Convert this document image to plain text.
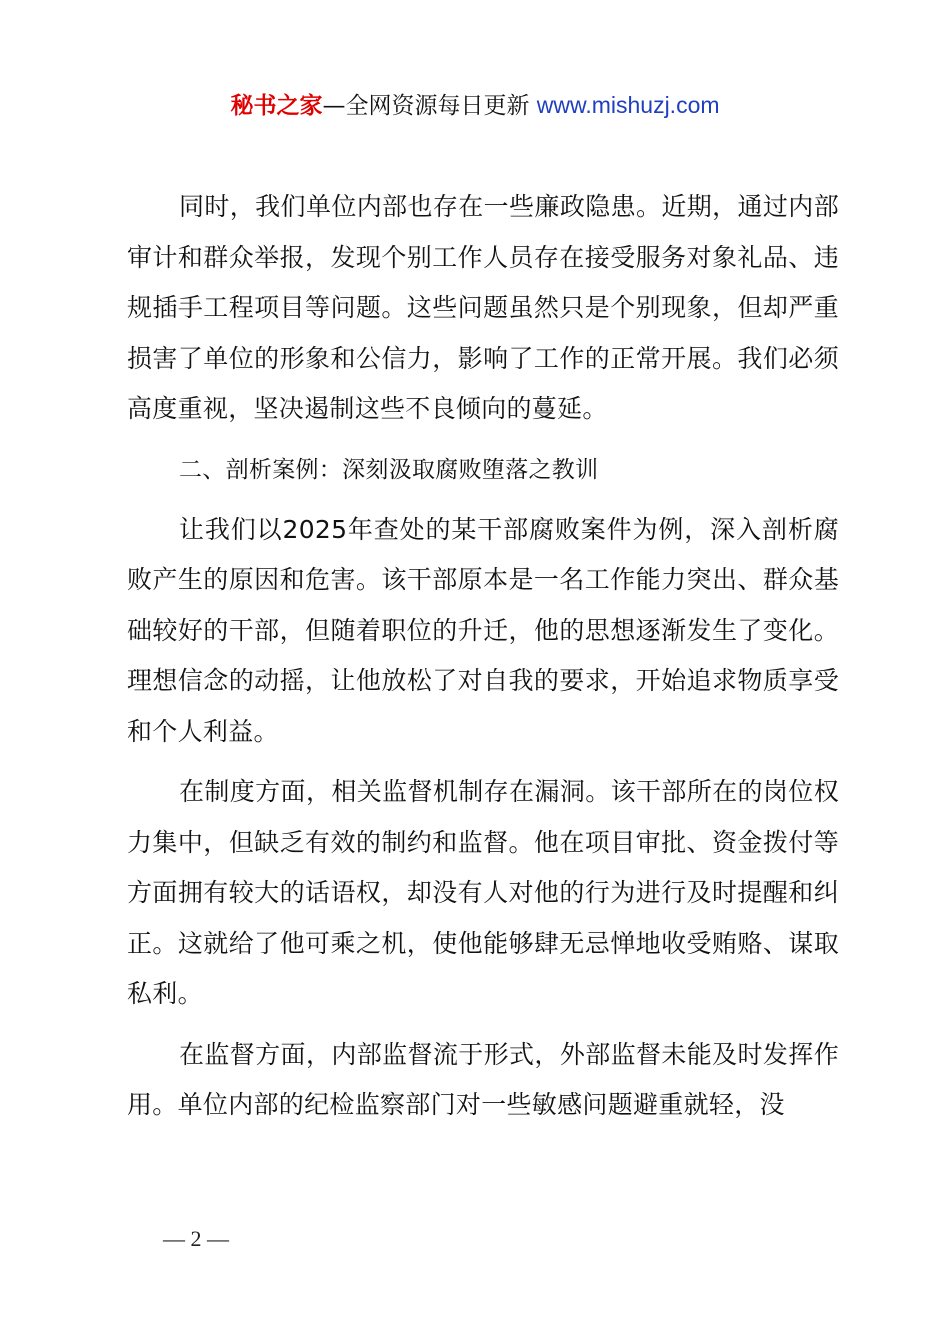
秘书之家—全网资源每日更新 www.mishuzj.com

同时，我们单位内部也存在一些廉政隐患。近期，通过内部审计和群众举报，发现个别工作人员存在接受服务对象礼品、违规插手工程项目等问题。这些问题虽然只是个别现象，但却严重损害了单位的形象和公信力，影响了工作的正常开展。我们必须高度重视，坚决遏制这些不良倾向的蔓延。

二、剖析案例：深刻汲取腐败堕落之教训

让我们以2025年查处的某干部腐败案件为例，深入剖析腐败产生的原因和危害。该干部原本是一名工作能力突出、群众基础较好的干部，但随着职位的升迁，他的思想逐渐发生了变化。理想信念的动摇，让他放松了对自我的要求，开始追求物质享受和个人利益。

在制度方面，相关监督机制存在漏洞。该干部所在的岗位权力集中，但缺乏有效的制约和监督。他在项目审批、资金拨付等方面拥有较大的话语权，却没有人对他的行为进行及时提醒和纠正。这就给了他可乘之机，使他能够肆无忌惮地收受贿赂、谋取私利。

在监督方面，内部监督流于形式，外部监督未能及时发挥作用。单位内部的纪检监察部门对一些敏感问题避重就轻，没

— 2 —
